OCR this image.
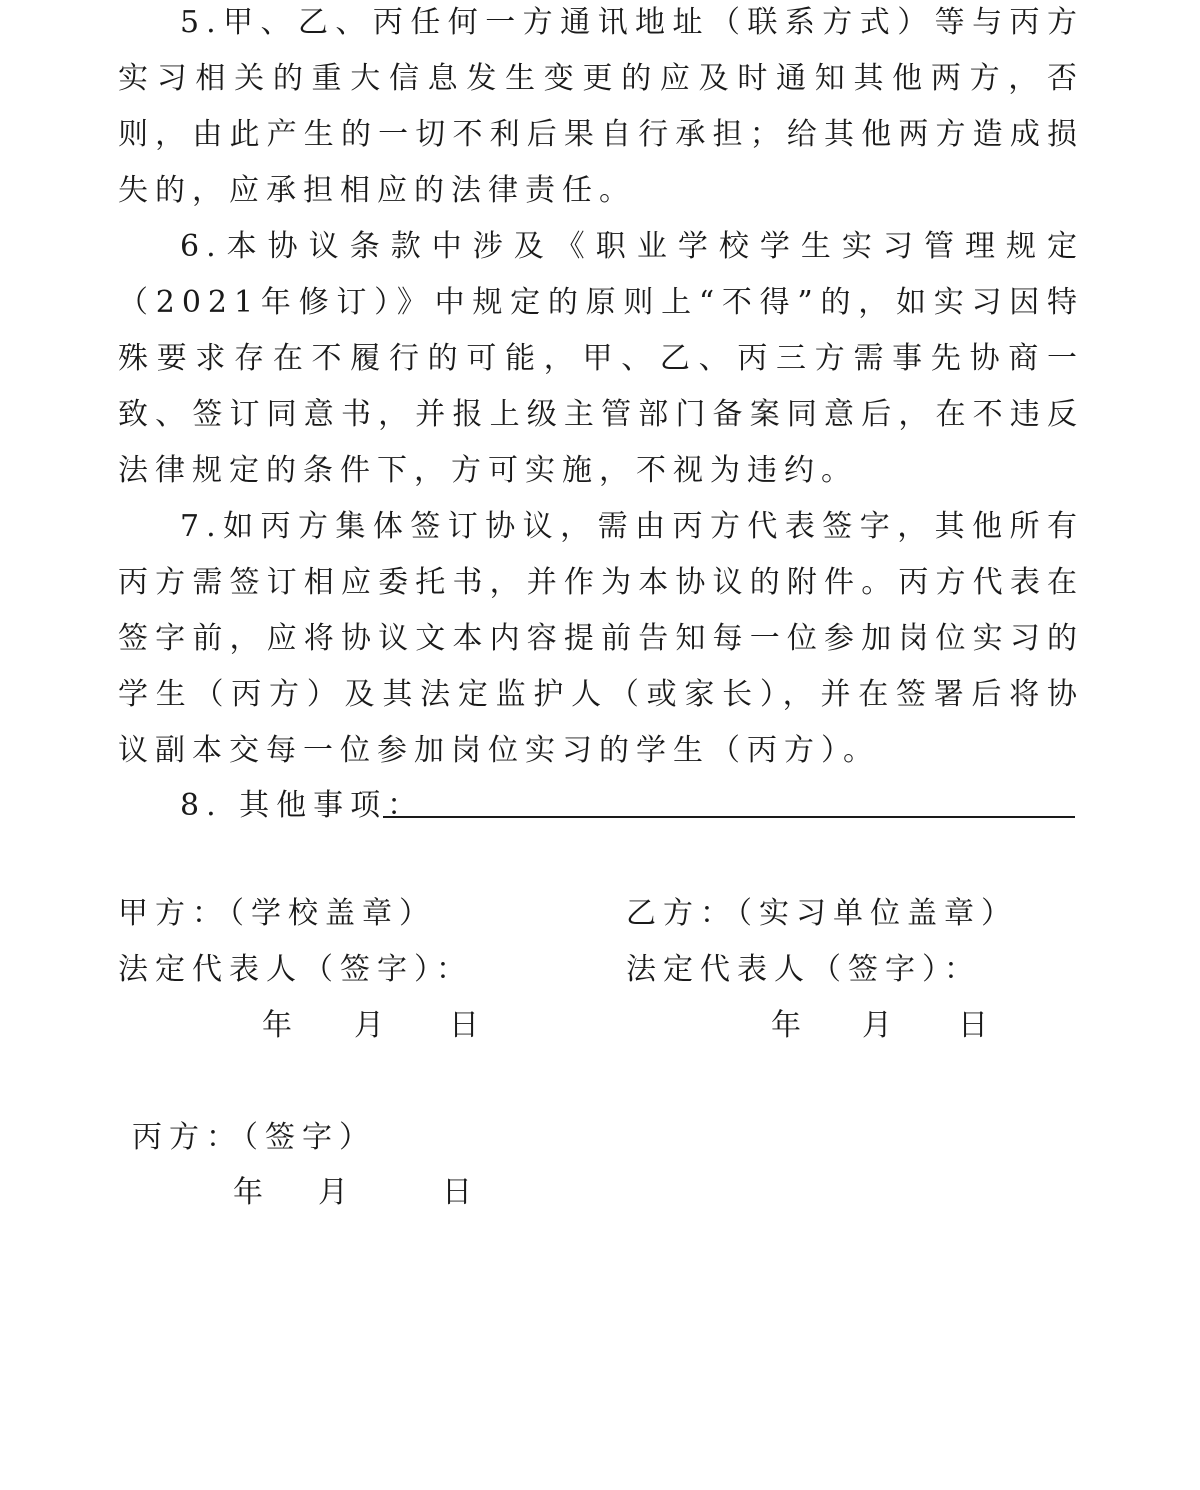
5.甲、乙、丙任何一方通讯地址（联系方式）等与丙方实习相关的重大信息发生变更的应及时通知其他两方，否则，由此产生的一切不利后果自行承担；给其他两方造成损失的，应承担相应的法律责任。

6.本协议条款中涉及《职业学校学生实习管理规定（2021年修订）》中规定的原则上“不得”的，如实习因特殊要求存在不履行的可能，甲、乙、丙三方需事先协商一致、签订同意书，并报上级主管部门备案同意后，在不违反法律规定的条件下，方可实施，不视为违约。

7.如丙方集体签订协议，需由丙方代表签字，其他所有丙方需签订相应委托书，并作为本协议的附件。丙方代表在签字前，应将协议文本内容提前告知每一位参加岗位实习的学生（丙方）及其法定监护人（或家长），并在签署后将协议副本交每一位参加岗位实习的学生（丙方）。

8. 其他事项：
甲方：（学校盖章）
法定代表人（签字）：
年 月 日
乙方：（实习单位盖章）
法定代表人（签字）：
年 月 日
丙方：（签字）
年 月	日
